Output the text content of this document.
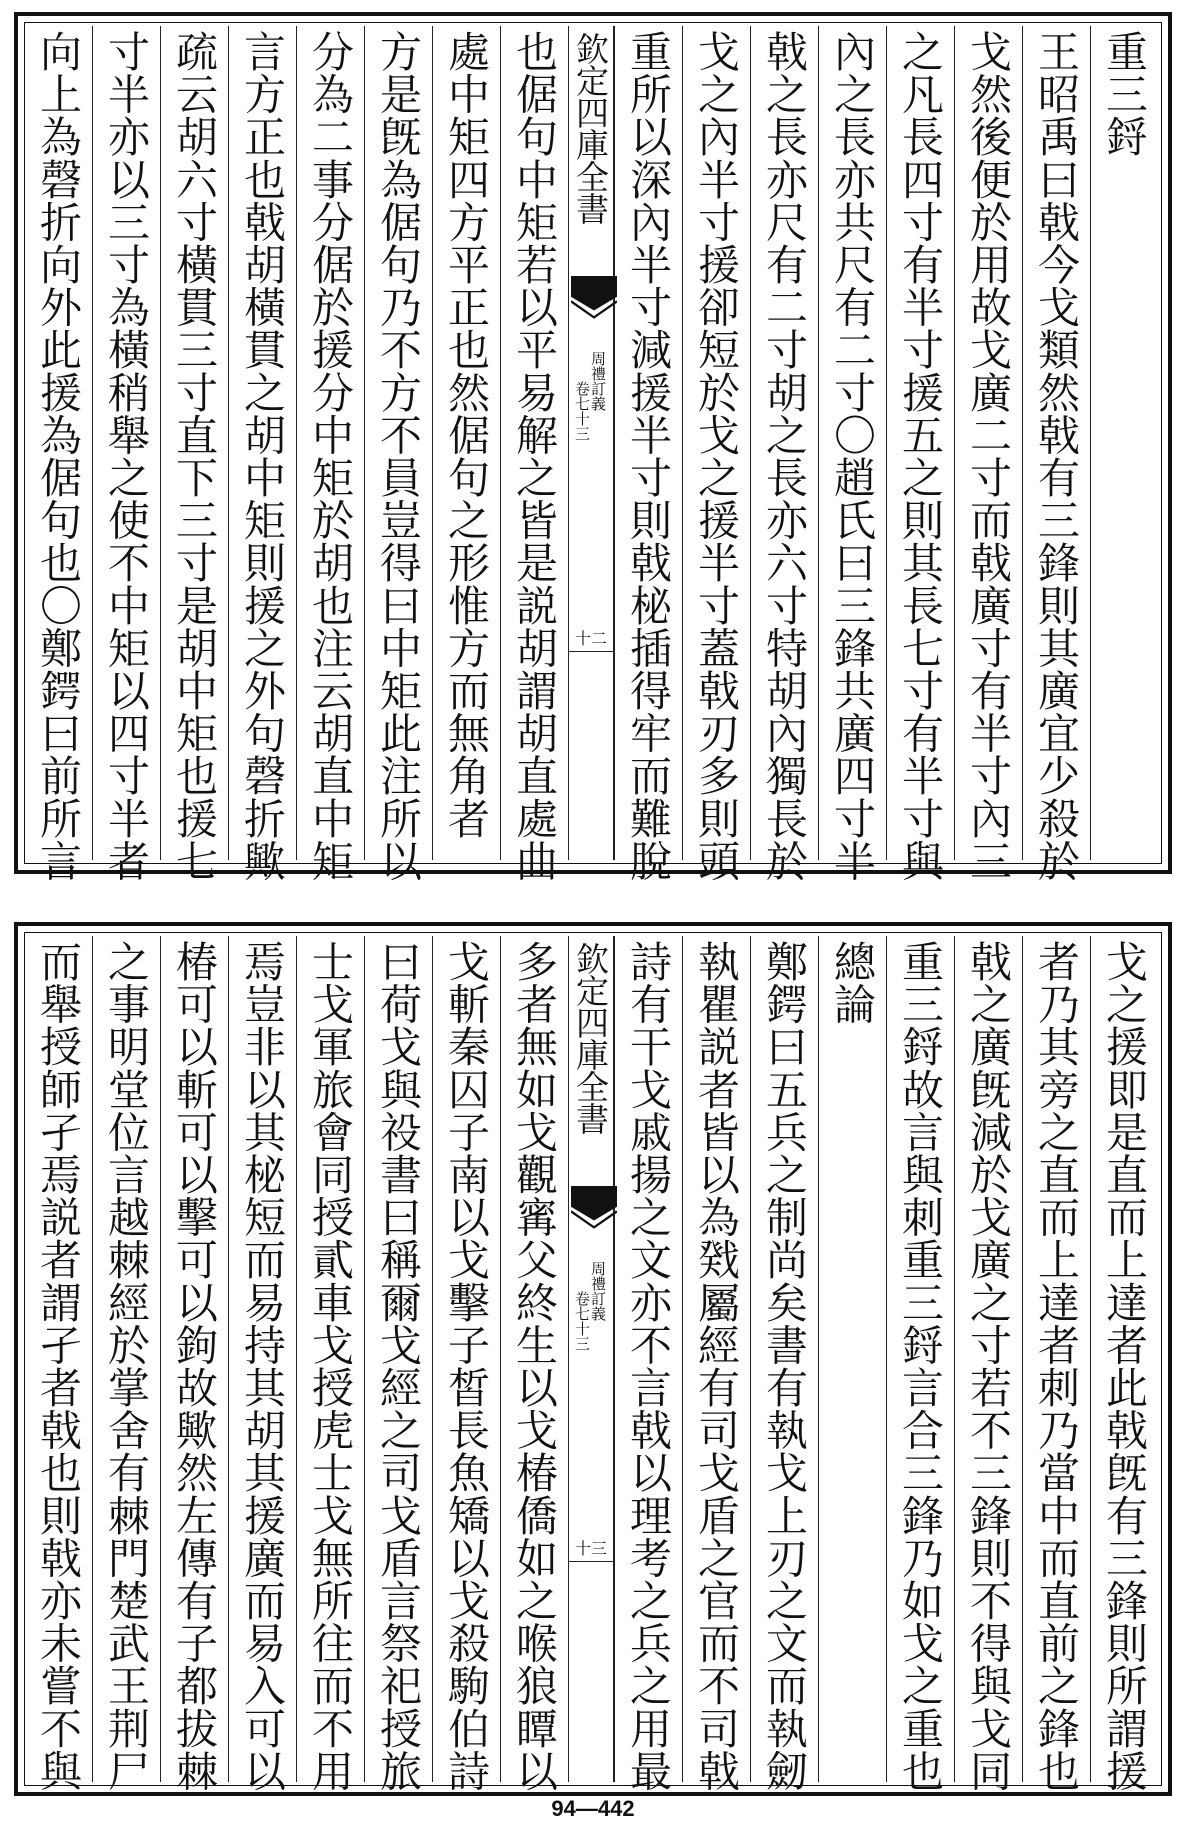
重三鋝
王昭禹曰戟今戈類然戟有三鋒則其廣宜少殺於
戈然後便於用故戈廣二寸而戟廣寸有半寸內三
之凡長四寸有半寸援五之則其長七寸有半寸與
內之長亦共尺有二寸〇趙氏曰三鋒共廣四寸半
戟之長亦尺有二寸胡之長亦六寸特胡內獨長於
戈之內半寸援卻短於戈之援半寸蓋戟刃多則頭
重所以深內半寸減援半寸則戟柲插得牢而難脫
也倨句中矩若以平易解之皆是説胡謂胡直處曲
處中矩四方平正也然倨句之形惟方而無角者
方是旣為倨句乃不方不員豈得曰中矩此注所以
分為二事分倨於援分中矩於胡也注云胡直中矩
言方正也戟胡橫貫之胡中矩則援之外句磬折歟
疏云胡六寸橫貫三寸直下三寸是胡中矩也援七
寸半亦以三寸為橫稍舉之使不中矩以四寸半者
向上為磬折向外此援為倨句也〇鄭鍔曰前所言	欽定四庫全書
周禮訂義
卷七十三
十二
戈之援即是直而上達者此戟旣有三鋒則所謂援
者乃其旁之直而上達者刺乃當中而直前之鋒也
戟之廣旣減於戈廣之寸若不三鋒則不得與戈同
重三鋝故言與刺重三鋝言合三鋒乃如戈之重也
總論
鄭鍔曰五兵之制尚矣書有執戈上刃之文而執劒
執瞿説者皆以為戣屬經有司戈盾之官而不司戟
詩有干戈戚揚之文亦不言戟以理考之兵之用最
多者無如戈觀寗父終生以戈椿僑如之喉狼瞫以
戈斬秦囚子南以戈擊子皙長魚矯以戈殺駒伯詩
曰荷戈與祋書曰稱爾戈經之司戈盾言祭祀授旅
士戈軍旅會同授貳車戈授虎士戈無所往而不用
焉豈非以其柲短而易持其胡其援廣而易入可以
椿可以斬可以擊可以鉤故歟然左傳有子都拔棘
之事明堂位言越棘經於掌舍有棘門楚武王荆尸
而舉授師孑焉説者謂孑者戟也則戟亦未嘗不與	欽定四庫全書
周禮訂義
卷七十三
十三
94—442
